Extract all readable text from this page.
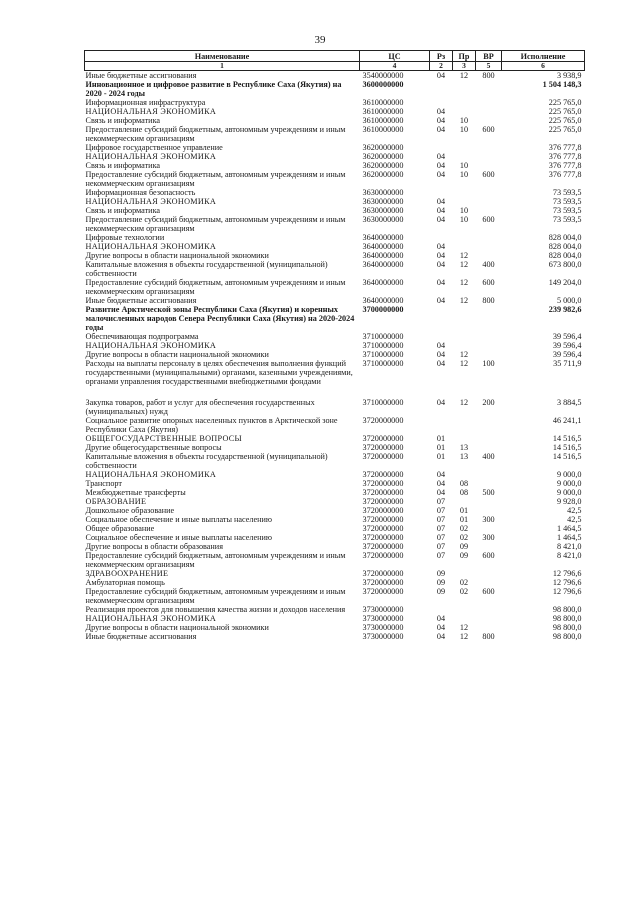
39
Наименование	ЦС	Рз	Пр	ВР	Исполнение
1	4	2	3	5	6
Иные бюджетные ассигнования	3540000000	04	12	800	3 938,9
Инновационное и цифровое развитие в Республике Саха (Якутия) на 2020 - 2024 годы	3600000000				1 504 148,3
Информационная инфраструктура	3610000000				225 765,0
НАЦИОНАЛЬНАЯ ЭКОНОМИКА	3610000000	04			225 765,0
Связь и информатика	3610000000	04	10		225 765,0
Предоставление субсидий бюджетным, автономным учреждениям и иным некоммерческим организациям	3610000000	04	10	600	225 765,0
Цифровое государственное управление	3620000000				376 777,8
НАЦИОНАЛЬНАЯ ЭКОНОМИКА	3620000000	04			376 777,8
Связь и информатика	3620000000	04	10		376 777,8
Предоставление субсидий бюджетным, автономным учреждениям и иным некоммерческим организациям	3620000000	04	10	600	376 777,8
Информационная безопасность	3630000000				73 593,5
НАЦИОНАЛЬНАЯ ЭКОНОМИКА	3630000000	04			73 593,5
Связь и информатика	3630000000	04	10		73 593,5
Предоставление субсидий бюджетным, автономным учреждениям и иным некоммерческим организациям	3630000000	04	10	600	73 593,5
Цифровые технологии	3640000000				828 004,0
НАЦИОНАЛЬНАЯ ЭКОНОМИКА	3640000000	04			828 004,0
Другие вопросы в области национальной экономики	3640000000	04	12		828 004,0
Капитальные вложения в объекты государственной (муниципальной) собственности	3640000000	04	12	400	673 800,0
Предоставление субсидий бюджетным, автономным учреждениям и иным некоммерческим организациям	3640000000	04	12	600	149 204,0
Иные бюджетные ассигнования	3640000000	04	12	800	5 000,0
Развитие Арктической зоны Республики Саха (Якутия) и коренных малочисленных народов Севера Республики Саха (Якутия) на 2020-2024 годы	3700000000				239 982,6
Обеспечивающая подпрограмма	3710000000				39 596,4
НАЦИОНАЛЬНАЯ ЭКОНОМИКА	3710000000	04			39 596,4
Другие вопросы в области национальной экономики	3710000000	04	12		39 596,4
Расходы на выплаты персоналу в целях обеспечения выполнения функций государственными (муниципальными) органами, казенными учреждениями, органами управления государственными внебюджетными фондами	3710000000	04	12	100	35 711,9
Закупка товаров, работ и услуг для обеспечения государственных (муниципальных) нужд	3710000000	04	12	200	3 884,5
Социальное развитие опорных населенных пунктов в Арктической зоне Республики Саха (Якутия)	3720000000				46 241,1
ОБЩЕГОСУДАРСТВЕННЫЕ ВОПРОСЫ	3720000000	01			14 516,5
Другие общегосударственные вопросы	3720000000	01	13		14 516,5
Капитальные вложения в объекты государственной (муниципальной) собственности	3720000000	01	13	400	14 516,5
НАЦИОНАЛЬНАЯ ЭКОНОМИКА	3720000000	04			9 000,0
Транспорт	3720000000	04	08		9 000,0
Межбюджетные трансферты	3720000000	04	08	500	9 000,0
ОБРАЗОВАНИЕ	3720000000	07			9 928,0
Дошкольное образование	3720000000	07	01		42,5
Социальное обеспечение и иные выплаты населению	3720000000	07	01	300	42,5
Общее образование	3720000000	07	02		1 464,5
Социальное обеспечение и иные выплаты населению	3720000000	07	02	300	1 464,5
Другие вопросы в области образования	3720000000	07	09		8 421,0
Предоставление субсидий бюджетным, автономным учреждениям и иным некоммерческим организациям	3720000000	07	09	600	8 421,0
ЗДРАВООХРАНЕНИЕ	3720000000	09			12 796,6
Амбулаторная помощь	3720000000	09	02		12 796,6
Предоставление субсидий бюджетным, автономным учреждениям и иным некоммерческим организациям	3720000000	09	02	600	12 796,6
Реализация проектов для повышения качества жизни и доходов населения	3730000000				98 800,0
НАЦИОНАЛЬНАЯ ЭКОНОМИКА	3730000000	04			98 800,0
Другие вопросы в области национальной экономики	3730000000	04	12		98 800,0
Иные бюджетные ассигнования	3730000000	04	12	800	98 800,0
